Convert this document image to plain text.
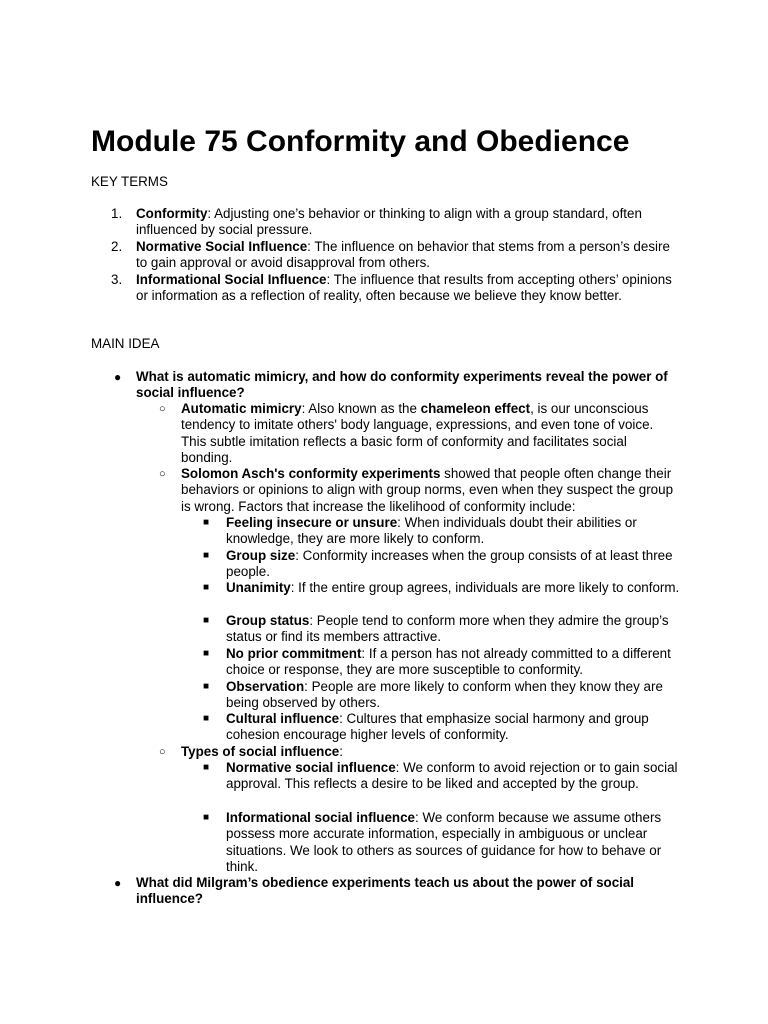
Module 75 Conformity and Obedience
KEY TERMS
1. Conformity: Adjusting one’s behavior or thinking to align with a group standard, often influenced by social pressure.
2. Normative Social Influence: The influence on behavior that stems from a person’s desire to gain approval or avoid disapproval from others.
3. Informational Social Influence: The influence that results from accepting others’ opinions or information as a reflection of reality, often because we believe they know better.
MAIN IDEA
● What is automatic mimicry, and how do conformity experiments reveal the power of social influence?
○ Automatic mimicry: Also known as the chameleon effect, is our unconscious tendency to imitate others' body language, expressions, and even tone of voice. This subtle imitation reflects a basic form of conformity and facilitates social bonding.
○ Solomon Asch's conformity experiments showed that people often change their behaviors or opinions to align with group norms, even when they suspect the group is wrong. Factors that increase the likelihood of conformity include:
■ Feeling insecure or unsure: When individuals doubt their abilities or knowledge, they are more likely to conform.
■ Group size: Conformity increases when the group consists of at least three people.
■ Unanimity: If the entire group agrees, individuals are more likely to conform.
■ Group status: People tend to conform more when they admire the group’s status or find its members attractive.
■ No prior commitment: If a person has not already committed to a different choice or response, they are more susceptible to conformity.
■ Observation: People are more likely to conform when they know they are being observed by others.
■ Cultural influence: Cultures that emphasize social harmony and group cohesion encourage higher levels of conformity.
○ Types of social influence:
■ Normative social influence: We conform to avoid rejection or to gain social approval. This reflects a desire to be liked and accepted by the group.
■ Informational social influence: We conform because we assume others possess more accurate information, especially in ambiguous or unclear situations. We look to others as sources of guidance for how to behave or think.
● What did Milgram’s obedience experiments teach us about the power of social influence?
